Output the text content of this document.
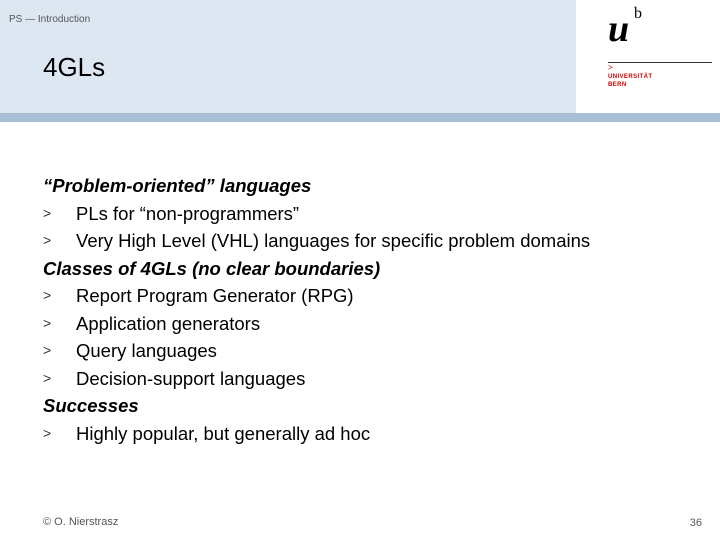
PS — Introduction
4GLs
u b
>
UNIVERSITÄT
BERN
“Problem-oriented” languages
> PLs for “non-programmers”
> Very High Level (VHL) languages for specific problem domains
Classes of 4GLs (no clear boundaries)
> Report Program Generator (RPG)
> Application generators
> Query languages
> Decision-support languages
Successes
> Highly popular, but generally ad hoc
© O. Nierstrasz	36
